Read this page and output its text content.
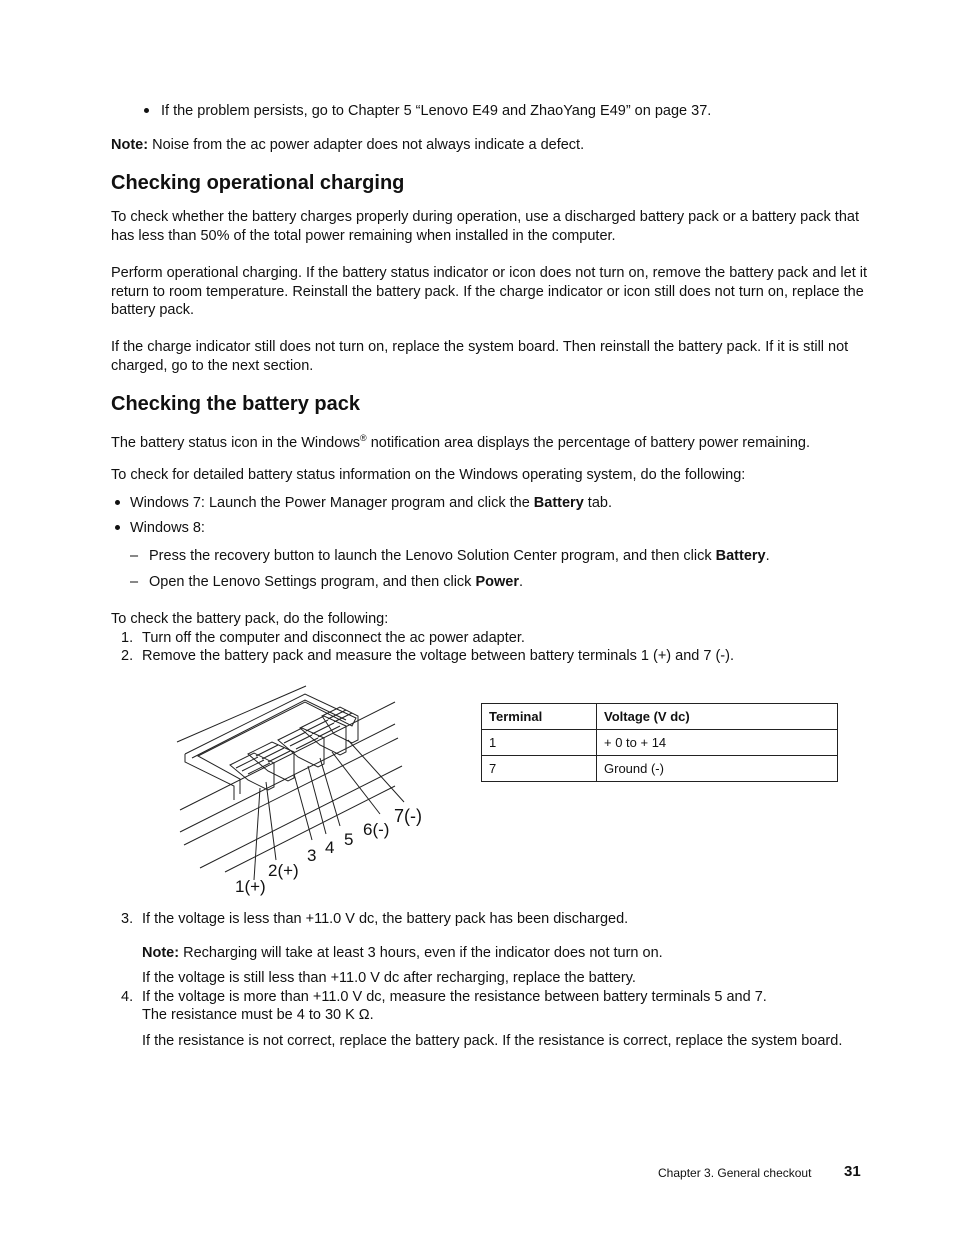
If the problem persists, go to Chapter 5 “Lenovo E49 and ZhaoYang E49” on page 37.

Note: Noise from the ac power adapter does not always indicate a defect.

Checking operational charging

To check whether the battery charges properly during operation, use a discharged battery pack or a battery pack that has less than 50% of the total power remaining when installed in the computer.

Perform operational charging. If the battery status indicator or icon does not turn on, remove the battery pack and let it return to room temperature. Reinstall the battery pack. If the charge indicator or icon still does not turn on, replace the battery pack.

If the charge indicator still does not turn on, replace the system board. Then reinstall the battery pack. If it is still not charged, go to the next section.

Checking the battery pack

The battery status icon in the Windows® notification area displays the percentage of battery power remaining.

To check for detailed battery status information on the Windows operating system, do the following:

Windows 7: Launch the Power Manager program and click the Battery tab.

Windows 8:

– Press the recovery button to launch the Lenovo Solution Center program, and then click Battery.

– Open the Lenovo Settings program, and then click Power.

To check the battery pack, do the following:

1. Turn off the computer and disconnect the ac power adapter.

2. Remove the battery pack and measure the voltage between battery terminals 1 (+) and 7 (-).

1(+)
2(+)
3 4 5
6(-)
7(-)
Terminal	Voltage (V dc)
1	+ 0 to + 14
7	Ground (-)

3. If the voltage is less than +11.0 V dc, the battery pack has been discharged.

Note: Recharging will take at least 3 hours, even if the indicator does not turn on.

If the voltage is still less than +11.0 V dc after recharging, replace the battery.

4. If the voltage is more than +11.0 V dc, measure the resistance between battery terminals 5 and 7.

The resistance must be 4 to 30 K Ω.

If the resistance is not correct, replace the battery pack. If the resistance is correct, replace the system board.

Chapter 3. General checkout 31
